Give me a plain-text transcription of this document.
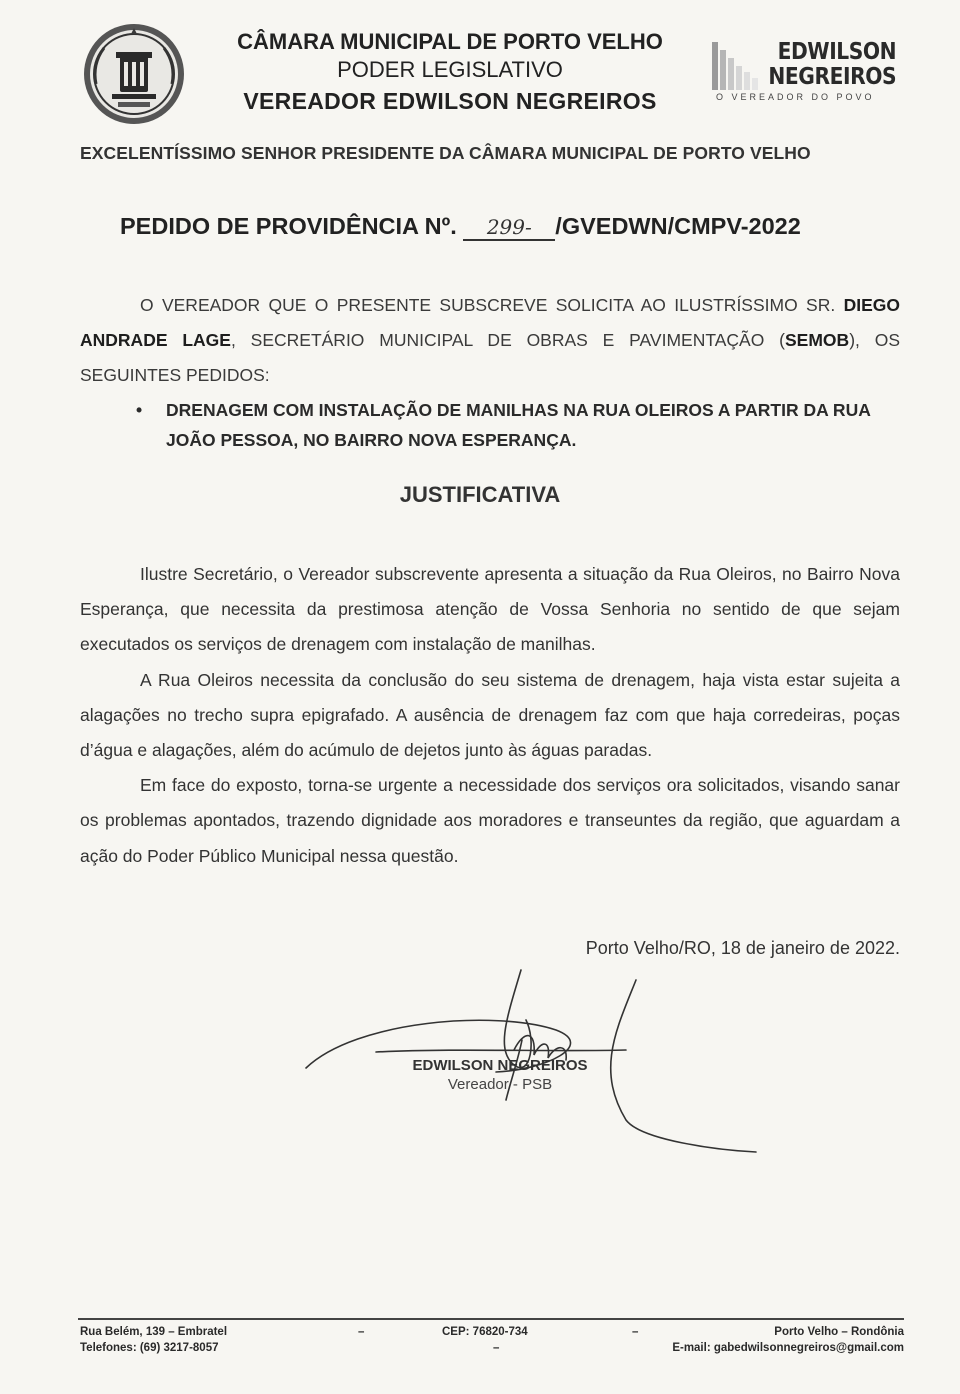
CÂMARA MUNICIPAL DE PORTO VELHO
PODER LEGISLATIVO
VEREADOR EDWILSON NEGREIROS
EDWILSON
NEGREIROS
O VEREADOR DO POVO
EXCELENTÍSSIMO SENHOR PRESIDENTE DA CÂMARA MUNICIPAL DE PORTO VELHO
PEDIDO DE PROVIDÊNCIA Nº. 299- /GVEDWN/CMPV-2022
O VEREADOR QUE O PRESENTE SUBSCREVE SOLICITA AO ILUSTRÍSSIMO SR. DIEGO ANDRADE LAGE, SECRETÁRIO MUNICIPAL DE OBRAS E PAVIMENTAÇÃO (SEMOB), OS SEGUINTES PEDIDOS:
• DRENAGEM COM INSTALAÇÃO DE MANILHAS NA RUA OLEIROS A PARTIR DA RUA JOÃO PESSOA, NO BAIRRO NOVA ESPERANÇA.
JUSTIFICATIVA

Ilustre Secretário, o Vereador subscrevente apresenta a situação da Rua Oleiros, no Bairro Nova Esperança, que necessita da prestimosa atenção de Vossa Senhoria no sentido de que sejam executados os serviços de drenagem com instalação de manilhas.

A Rua Oleiros necessita da conclusão do seu sistema de drenagem, haja vista estar sujeita a alagações no trecho supra epigrafado. A ausência de drenagem faz com que haja corredeiras, poças d’água e alagações, além do acúmulo de dejetos junto às águas paradas.

Em face do exposto, torna-se urgente a necessidade dos serviços ora solicitados, visando sanar os problemas apontados, trazendo dignidade aos moradores e transeuntes da região, que aguardam a ação do Poder Público Municipal nessa questão.

Porto Velho/RO, 18 de janeiro de 2022.
EDWILSON NEGREIROS
Vereador - PSB
Rua Belém, 139 – Embratel
Telefones: (69) 3217-8057
–	CEP: 76820-734
–
–	Porto Velho – Rondônia
E-mail: gabedwilsonnegreiros@gmail.com
